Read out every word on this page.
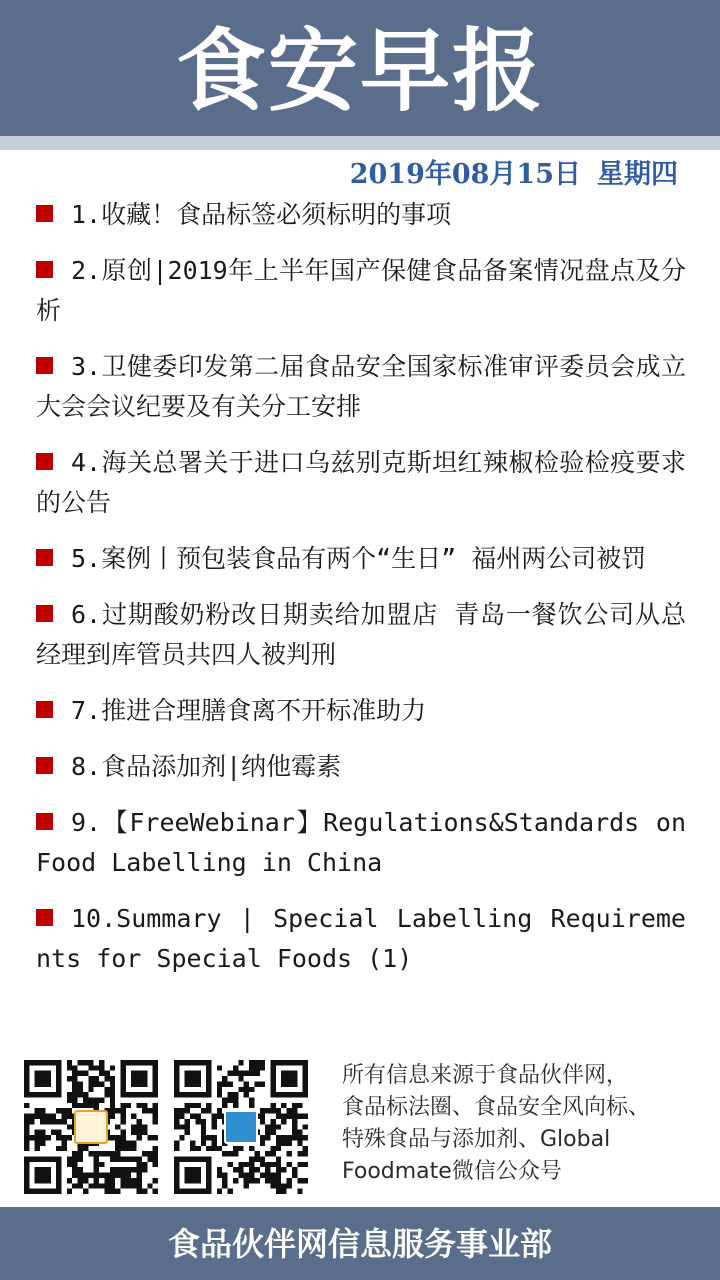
食安早报
2019年08月15日 星期四
1.收藏！食品标签必须标明的事项
2.原创|2019年上半年国产保健食品备案情况盘点及分析
3.卫健委印发第二届食品安全国家标准审评委员会成立大会会议纪要及有关分工安排
4.海关总署关于进口乌兹别克斯坦红辣椒检验检疫要求的公告
5.案例丨预包装食品有两个“生日” 福州两公司被罚
6.过期酸奶粉改日期卖给加盟店 青岛一餐饮公司从总经理到库管员共四人被判刑
7.推进合理膳食离不开标准助力
8.食品添加剂|纳他霉素
9.【FreeWebinar】Regulations&Standards on Food Labelling in China
10.Summary | Special Labelling Requirements for Special Foods (1)
所有信息来源于食品伙伴网，
食品标法圈、食品安全风向标、
特殊食品与添加剂、Global
Foodmate微信公众号
食品伙伴网信息服务事业部
